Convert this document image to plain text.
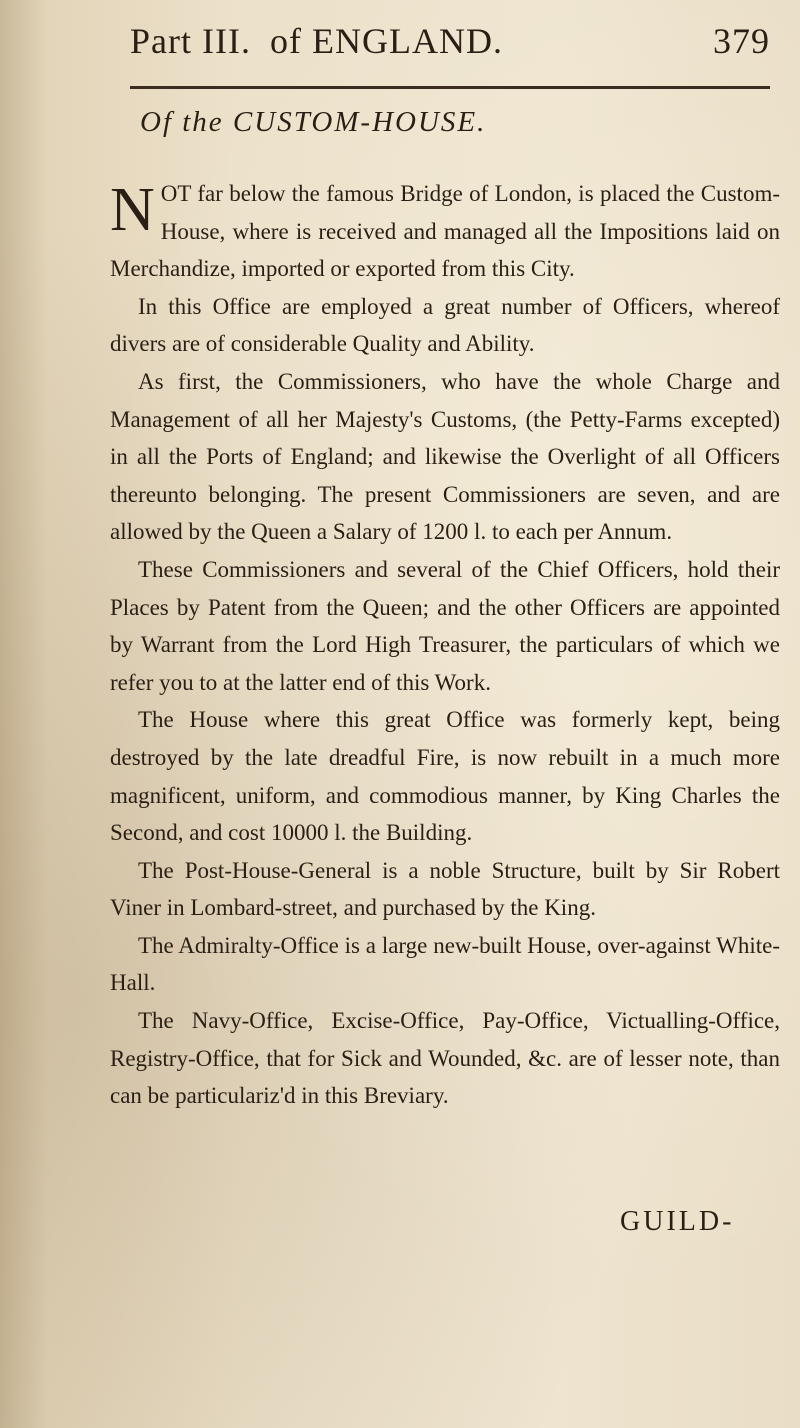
Part III. of ENGLAND.	379
Of the CUSTOM-HOUSE.

NOT far below the famous Bridge of London, is placed the Custom-House, where is received and managed all the Impositions laid on Merchandize, imported or exported from this City.

In this Office are employed a great number of Officers, whereof divers are of considerable Quality and Ability.

As first, the Commissioners, who have the whole Charge and Management of all her Majesty's Customs, (the Petty-Farms excepted) in all the Ports of England; and likewise the Overlight of all Officers thereunto belonging. The present Commissioners are seven, and are allowed by the Queen a Salary of 1200 l. to each per Annum.

These Commissioners and several of the Chief Officers, hold their Places by Patent from the Queen; and the other Officers are appointed by Warrant from the Lord High Treasurer, the particulars of which we refer you to at the latter end of this Work.

The House where this great Office was formerly kept, being destroyed by the late dreadful Fire, is now rebuilt in a much more magnificent, uniform, and commodious manner, by King Charles the Second, and cost 10000 l. the Building.

The Post-House-General is a noble Structure, built by Sir Robert Viner in Lombard-street, and purchased by the King.

The Admiralty-Office is a large new-built House, over-against White-Hall.

The Navy-Office, Excise-Office, Pay-Office, Victualling-Office, Registry-Office, that for Sick and Wounded, &c. are of lesser note, than can be particulariz'd in this Breviary.

GUILD-
